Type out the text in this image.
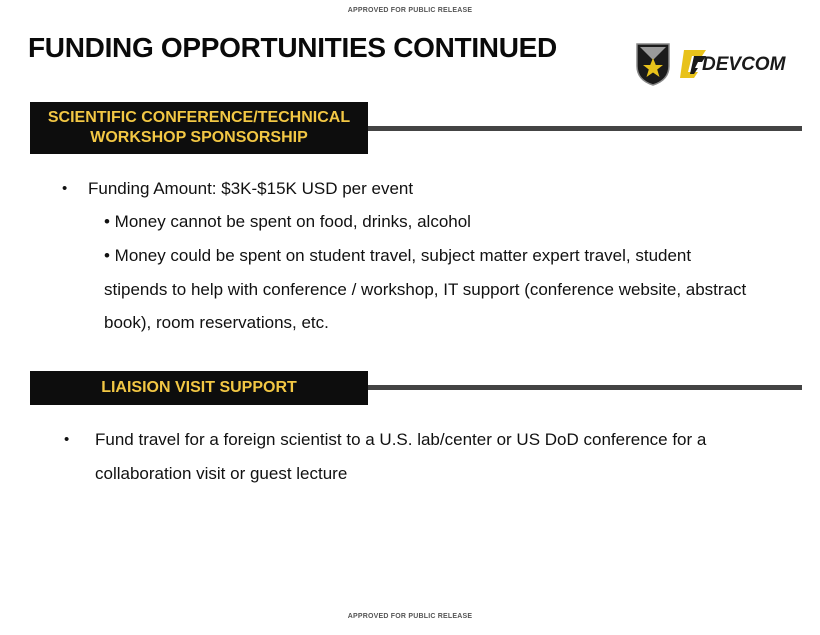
APPROVED FOR PUBLIC RELEASE
FUNDING OPPORTUNITIES CONTINUED
DEVCOM
SCIENTIFIC CONFERENCE/TECHNICAL
WORKSHOP SPONSORSHIP
• Funding Amount: $3K-$15K USD per event
• Money cannot be spent on food, drinks, alcohol
• Money could be spent on student travel, subject matter expert travel, student
stipends to help with conference / workshop, IT support (conference website, abstract
book), room reservations, etc.
LIAISION VISIT SUPPORT
• Fund travel for a foreign scientist to a U.S. lab/center or US DoD conference for a
collaboration visit or guest lecture
APPROVED FOR PUBLIC RELEASE
